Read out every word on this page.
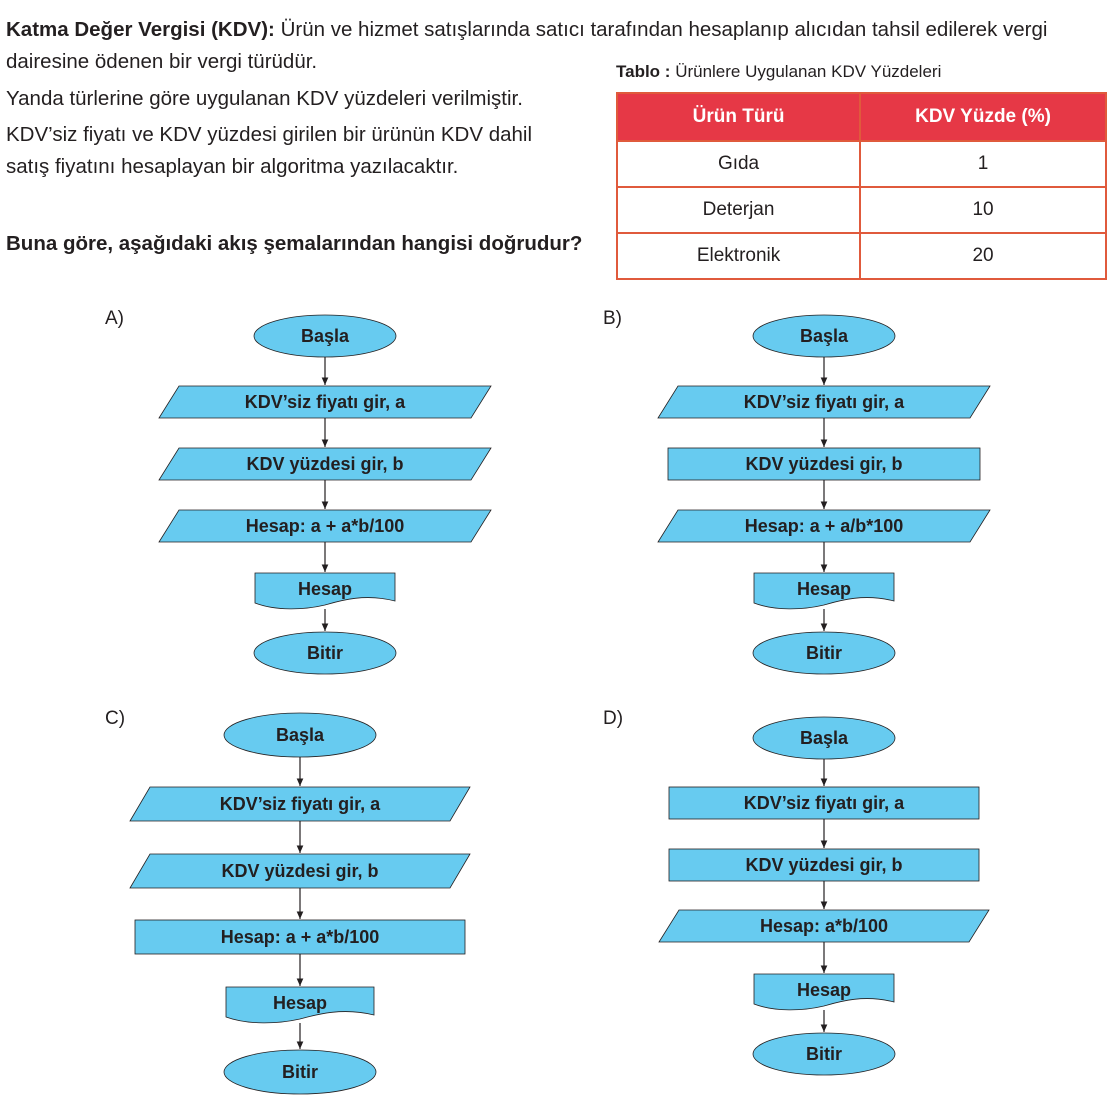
Katma Değer Vergisi (KDV): Ürün ve hizmet satışlarında satıcı tarafından hesaplanıp alıcıdan tahsil edilerek vergi dairesine ödenen bir vergi türüdür.
Yanda türlerine göre uygulanan KDV yüzdeleri verilmiştir.
KDV’siz fiyatı ve KDV yüzdesi girilen bir ürünün KDV dahil
satış fiyatını hesaplayan bir algoritma yazılacaktır.
Buna göre, aşağıdaki akış şemalarından hangisi doğrudur?
Tablo : Ürünlere Uygulanan KDV Yüzdeleri
Ürün Türü	KDV Yüzde (%)
Gıda	1
Deterjan	10
Elektronik	20
A)	B)
C)	D)
Başla
KDV’siz fiyatı gir, a
KDV yüzdesi gir, b
Hesap: a + a*b/100
Hesap
Bitir
Başla
KDV’siz fiyatı gir, a
KDV yüzdesi gir, b
Hesap: a + a/b*100
Hesap
Bitir
Başla
KDV’siz fiyatı gir, a
KDV yüzdesi gir, b
Hesap: a + a*b/100
Hesap
Bitir
Başla
KDV’siz fiyatı gir, a
KDV yüzdesi gir, b
Hesap: a*b/100
Hesap
Bitir
